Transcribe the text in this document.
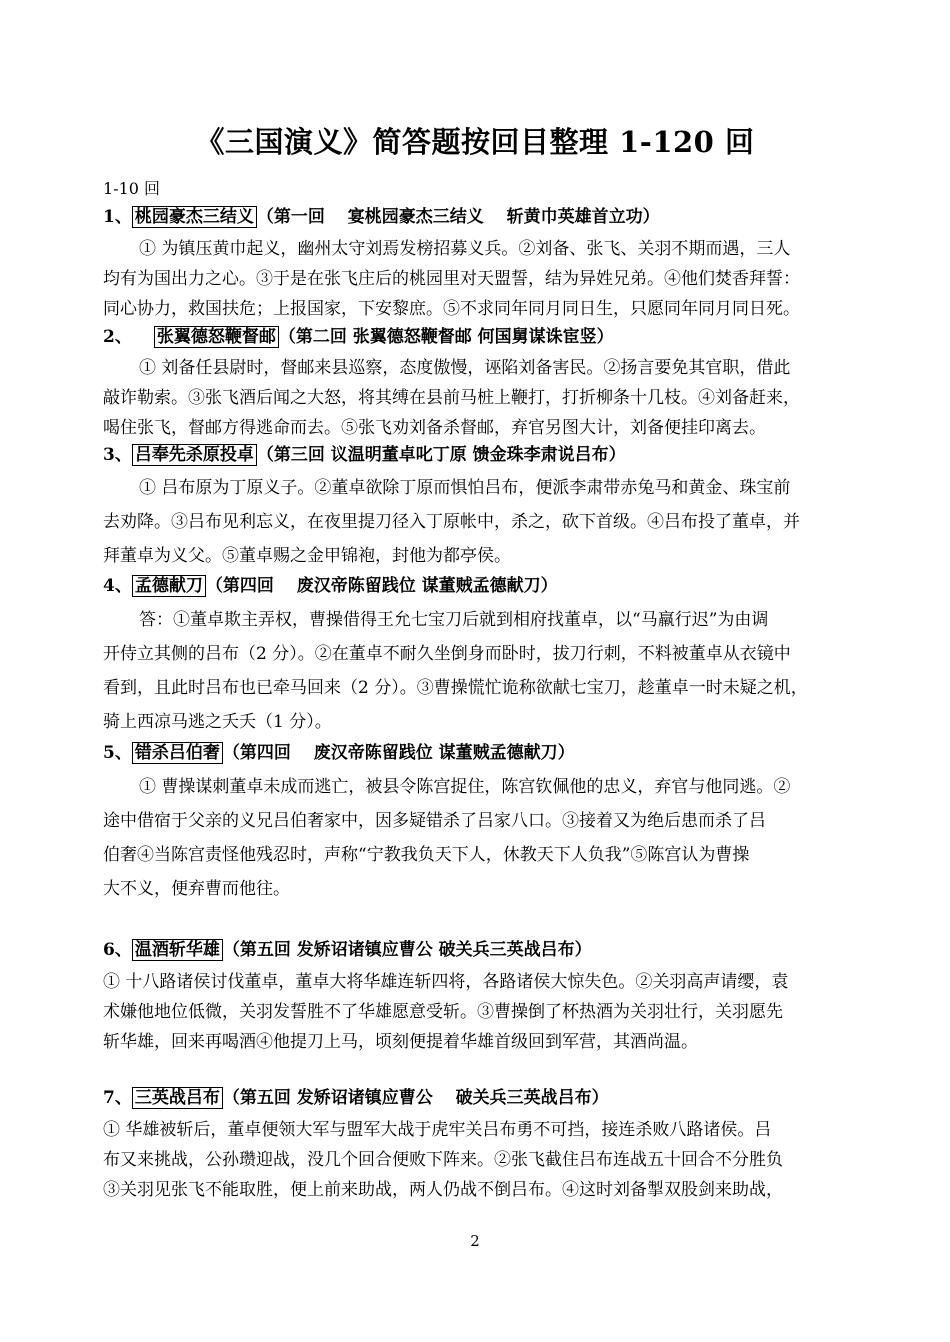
《三国演义》简答题按回目整理 1-120 回
1-10 回
1、 桃园豪杰三结义 （第一回　 宴桃园豪杰三结义　 斩黄巾英雄首立功）
① 为镇压黄巾起义，幽州太守刘焉发榜招募义兵。②刘备、张飞、关羽不期而遇，三人
均有为国出力之心。③于是在张飞庄后的桃园里对天盟誓，结为异姓兄弟。④他们焚香拜誓：
同心协力，救国扶危；上报国家，下安黎庶。⑤不求同年同月同日生，只愿同年同月同日死。
2、 张翼德怒鞭督邮 （第二回 张翼德怒鞭督邮 何国舅谋诛宦竖）
① 刘备任县尉时，督邮来县巡察，态度傲慢，诬陷刘备害民。②扬言要免其官职，借此
敲诈勒索。③张飞酒后闻之大怒，将其缚在县前马桩上鞭打，打折柳条十几枝。④刘备赶来，
喝住张飞，督邮方得逃命而去。⑤张飞劝刘备杀督邮，弃官另图大计，刘备便挂印离去。
3、 吕奉先杀原投卓 （第三回 议温明董卓叱丁原 馈金珠李肃说吕布）
① 吕布原为丁原义子。②董卓欲除丁原而惧怕吕布，便派李肃带赤兔马和黄金、珠宝前
去劝降。③吕布见利忘义，在夜里提刀径入丁原帐中，杀之，砍下首级。④吕布投了董卓，并
拜董卓为义父。⑤董卓赐之金甲锦袍，封他为都亭侯。
4、 孟德献刀 （第四回　 废汉帝陈留践位 谋董贼孟德献刀）
答：①董卓欺主弄权，曹操借得王允七宝刀后就到相府找董卓，以“马羸行迟”为由调
开侍立其侧的吕布（2 分）。②在董卓不耐久坐倒身而卧时，拔刀行刺，不料被董卓从衣镜中
看到，且此时吕布也已牵马回来（2 分）。③曹操慌忙诡称欲献七宝刀，趁董卓一时未疑之机，
骑上西凉马逃之夭夭（1 分）。
5、 错杀吕伯奢 （第四回　 废汉帝陈留践位 谋董贼孟德献刀）
① 曹操谋刺董卓未成而逃亡，被县令陈宫捉住，陈宫钦佩他的忠义，弃官与他同逃。②
途中借宿于父亲的义兄吕伯奢家中，因多疑错杀了吕家八口。③接着又为绝后患而杀了吕
伯奢④当陈宫责怪他残忍时，声称“宁教我负天下人，休教天下人负我”⑤陈宫认为曹操
大不义，便弃曹而他往。
6、 温酒斩华雄 （第五回 发矫诏诸镇应曹公 破关兵三英战吕布）
① 十八路诸侯讨伐董卓，董卓大将华雄连斩四将，各路诸侯大惊失色。②关羽高声请缨，袁
术嫌他地位低微，关羽发誓胜不了华雄愿意受斩。③曹操倒了杯热酒为关羽壮行，关羽愿先
斩华雄，回来再喝酒④他提刀上马，顷刻便提着华雄首级回到军营，其酒尚温。
7、 三英战吕布 （第五回 发矫诏诸镇应曹公　 破关兵三英战吕布）
① 华雄被斩后，董卓便领大军与盟军大战于虎牢关吕布勇不可挡，接连杀败八路诸侯。吕
布又来挑战，公孙瓒迎战，没几个回合便败下阵来。②张飞截住吕布连战五十回合不分胜负
③关羽见张飞不能取胜，便上前来助战，两人仍战不倒吕布。④这时刘备掣双股剑来助战，
2
